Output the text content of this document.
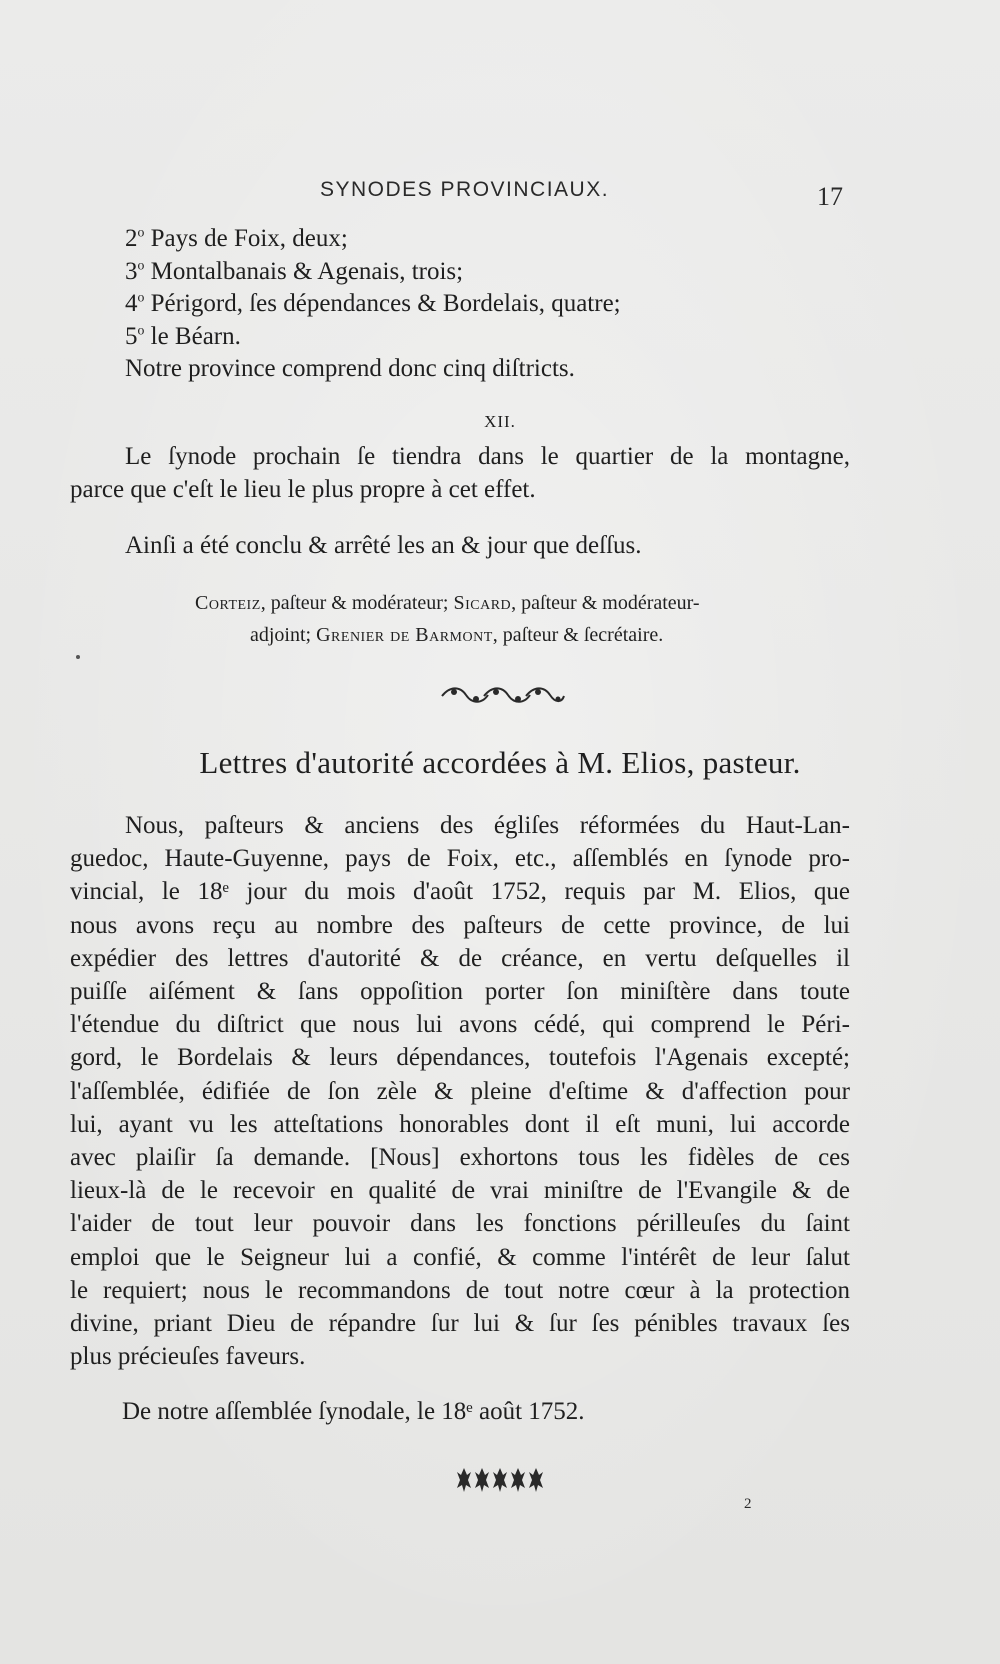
SYNODES PROVINCIAUX.	17
2$^o$ Pays de Foix, deux;
3$^o$ Montalbanais & Agenais, trois;
4$^o$ Périgord, ſes dépendances & Bordelais, quatre;
5$^o$ le Béarn.
Notre province comprend donc cinq diſtricts.
XII.
Le ſynode prochain ſe tiendra dans le quartier de la montagne,
parce que c'eſt le lieu le plus propre à cet effet.
Ainſi a été conclu & arrêté les an & jour que deſſus.
Corteiz, paſteur & modérateur; Sicard, paſteur & modérateur-
adjoint; Grenier de Barmont, paſteur & ſecrétaire.
Lettres d'autorité accordées à M. Elios, pasteur.
Nous, paſteurs & anciens des égliſes réformées du Haut-Lan-
guedoc, Haute-Guyenne, pays de Foix, etc., aſſemblés en ſynode pro-
vincial, le 18ᵉ jour du mois d'août 1752, requis par M. Elios, que
nous avons reçu au nombre des paſteurs de cette province, de lui
expédier des lettres d'autorité & de créance, en vertu deſquelles il
puiſſe aiſément & ſans oppoſition porter ſon miniſtère dans toute
l'étendue du diſtrict que nous lui avons cédé, qui comprend le Péri-
gord, le Bordelais & leurs dépendances, toutefois l'Agenais excepté;
l'aſſemblée, édifiée de ſon zèle & pleine d'eſtime & d'affection pour
lui, ayant vu les atteſtations honorables dont il eſt muni, lui accorde
avec plaiſir ſa demande. [Nous] exhortons tous les fidèles de ces
lieux-là de le recevoir en qualité de vrai miniſtre de l'Evangile & de
l'aider de tout leur pouvoir dans les fonctions périlleuſes du ſaint
emploi que le Seigneur lui a confié, & comme l'intérêt de leur ſalut
le requiert; nous le recommandons de tout notre cœur à la protection
divine, priant Dieu de répandre ſur lui & ſur ſes pénibles travaux ſes
plus précieuſes faveurs.
De notre aſſemblée ſynodale, le 18ᵉ août 1752.
2
